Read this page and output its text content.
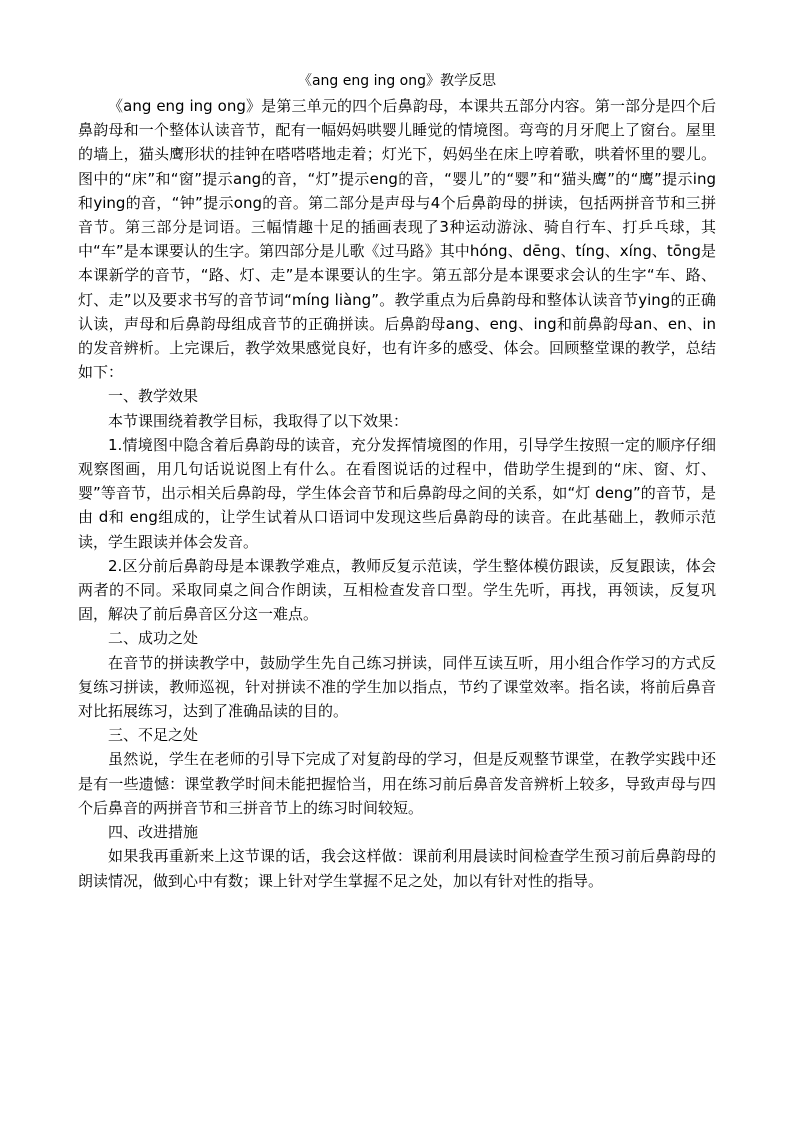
《ang eng ing ong》教学反思

《ang eng ing ong》是第三单元的四个后鼻韵母，本课共五部分内容。第一部分是四个后鼻韵母和一个整体认读音节，配有一幅妈妈哄婴儿睡觉的情境图。弯弯的月牙爬上了窗台。屋里的墙上，猫头鹰形状的挂钟在嗒嗒嗒地走着；灯光下，妈妈坐在床上哼着歌，哄着怀里的婴儿。图中的“床”和“窗”提示ang的音，“灯”提示eng的音，“婴儿”的“婴”和“猫头鹰”的“鹰”提示ing和ying的音，“钟”提示ong的音。第二部分是声母与4个后鼻韵母的拼读，包括两拼音节和三拼音节。第三部分是词语。三幅情趣十足的插画表现了3种运动游泳、骑自行车、打乒乓球，其中“车”是本课要认的生字。第四部分是儿歌《过马路》其中hóng、dēng、tíng、xíng、tōng是本课新学的音节，“路、灯、走”是本课要认的生字。第五部分是本课要求会认的生字“车、路、灯、走”以及要求书写的音节词“míng liàng”。教学重点为后鼻韵母和整体认读音节ying的正确认读，声母和后鼻韵母组成音节的正确拼读。后鼻韵母ang、eng、ing和前鼻韵母an、en、in的发音辨析。上完课后，教学效果感觉良好，也有许多的感受、体会。回顾整堂课的教学，总结如下：

一、教学效果

本节课围绕着教学目标，我取得了以下效果：

1.情境图中隐含着后鼻韵母的读音，充分发挥情境图的作用，引导学生按照一定的顺序仔细观察图画，用几句话说说图上有什么。在看图说话的过程中，借助学生提到的“床、窗、灯、婴”等音节，出示相关后鼻韵母，学生体会音节和后鼻韵母之间的关系，如“灯 deng”的音节，是由 d和 eng组成的，让学生试着从口语词中发现这些后鼻韵母的读音。在此基础上，教师示范读，学生跟读并体会发音。

2.区分前后鼻韵母是本课教学难点，教师反复示范读，学生整体模仿跟读，反复跟读，体会两者的不同。采取同桌之间合作朗读，互相检查发音口型。学生先听，再找，再领读，反复巩固，解决了前后鼻音区分这一难点。

二、成功之处

在音节的拼读教学中，鼓励学生先自己练习拼读，同伴互读互听，用小组合作学习的方式反复练习拼读，教师巡视，针对拼读不准的学生加以指点，节约了课堂效率。指名读，将前后鼻音对比拓展练习，达到了准确品读的目的。

三、不足之处

虽然说，学生在老师的引导下完成了对复韵母的学习，但是反观整节课堂，在教学实践中还是有一些遗憾：课堂教学时间未能把握恰当，用在练习前后鼻音发音辨析上较多，导致声母与四个后鼻音的两拼音节和三拼音节上的练习时间较短。

四、改进措施

如果我再重新来上这节课的话，我会这样做：课前利用晨读时间检查学生预习前后鼻韵母的朗读情况，做到心中有数；课上针对学生掌握不足之处，加以有针对性的指导。
